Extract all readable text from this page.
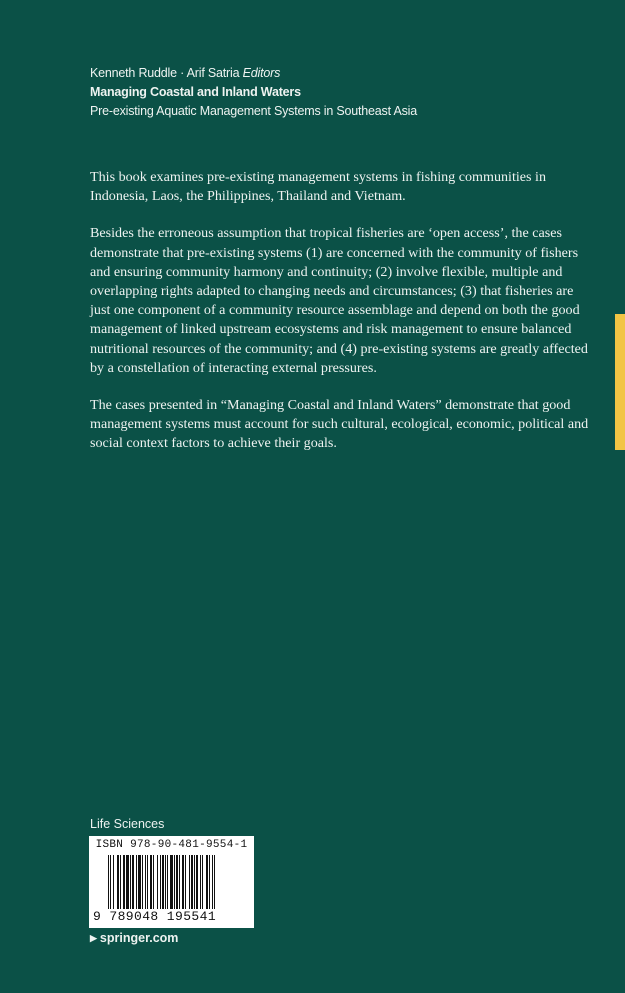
Kenneth Ruddle · Arif Satria Editors
Managing Coastal and Inland Waters
Pre-existing Aquatic Management Systems in Southeast Asia

This book examines pre-existing management systems in fishing communities in Indonesia, Laos, the Philippines, Thailand and Vietnam.

Besides the erroneous assumption that tropical fisheries are ‘open access’, the cases demonstrate that pre-existing systems (1) are concerned with the community of fishers and ensuring community harmony and continuity; (2) involve flexible, multiple and overlapping rights adapted to changing needs and circumstances; (3) that fisheries are just one component of a community resource assemblage and depend on both the good management of linked upstream ecosystems and risk management to ensure balanced nutritional resources of the community; and (4) pre-existing systems are greatly affected by a constellation of interacting external pressures.

The cases presented in “Managing Coastal and Inland Waters” demonstrate that good management systems must account for such cultural, ecological, economic, political and social context factors to achieve their goals.

Life Sciences
ISBN 978-90-481-9554-1
9 789048 195541
▶ springer.com
